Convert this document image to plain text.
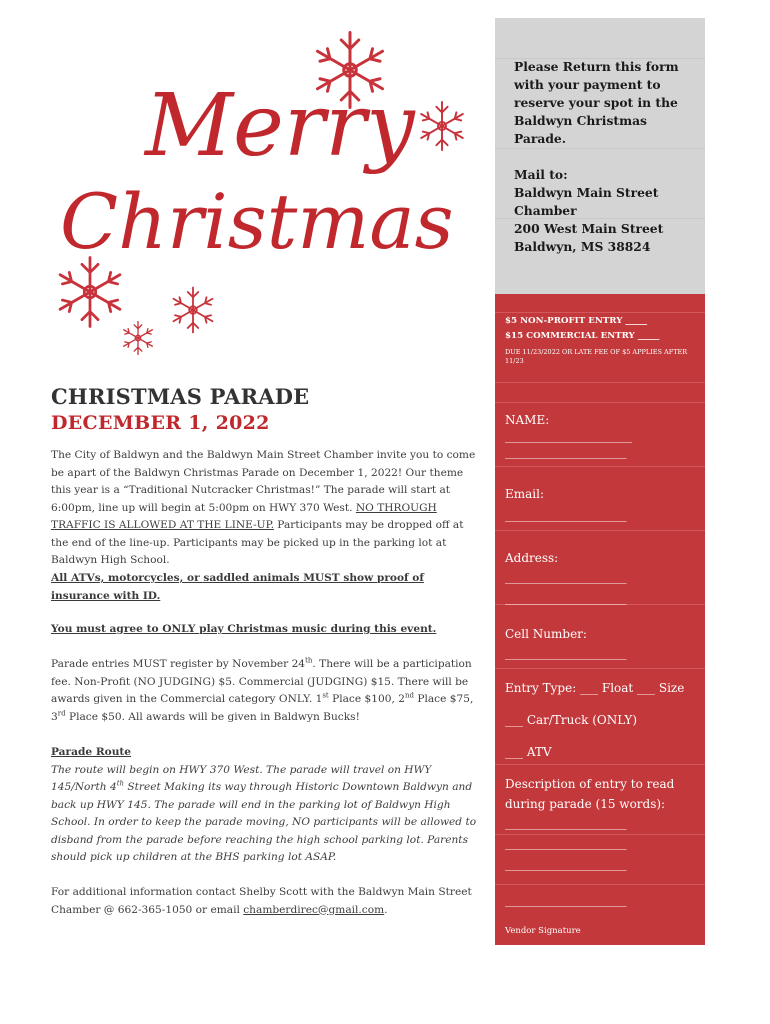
Merry
Christmas

CHRISTMAS PARADE

DECEMBER 1, 2022

The City of Baldwyn and the Baldwyn Main Street Chamber invite you to come be apart of the Baldwyn Christmas Parade on December 1, 2022! Our theme this year is a “Traditional Nutcracker Christmas!” The parade will start at 6:00pm, line up will begin at 5:00pm on HWY 370 West. NO THROUGH TRAFFIC IS ALLOWED AT THE LINE-UP. Participants may be dropped off at the end of the line-up. Participants may be picked up in the parking lot at Baldwyn High School.

All ATVs, motorcycles, or saddled animals MUST show proof of insurance with ID.

You must agree to ONLY play Christmas music during this event.

Parade entries MUST register by November 24th. There will be a participation fee. Non-Profit (NO JUDGING) $5. Commercial (JUDGING) $15. There will be awards given in the Commercial category ONLY. 1st Place $100, 2nd Place $75, 3rd Place $50. All awards will be given in Baldwyn Bucks!

Parade Route

The route will begin on HWY 370 West. The parade will travel on HWY 145/North 4th Street Making its way through Historic Downtown Baldwyn and back up HWY 145. The parade will end in the parking lot of Baldwyn High School. In order to keep the parade moving, NO participants will be allowed to disband from the parade before reaching the high school parking lot. Parents should pick up children at the BHS parking lot ASAP.

For additional information contact Shelby Scott with the Baldwyn Main Street Chamber @ 662-365-1050 or email chamberdirec@gmail.com.

Please Return this form

with your payment to

reserve your spot in the

Baldwyn Christmas

Parade.

Mail to:

Baldwyn Main Street

Chamber

200 West Main Street

Baldwyn, MS 38824

$5 NON-PROFIT ENTRY _____
$15 COMMERCIAL ENTRY _____
DUE 11/23/2022 OR LATE FEE OF $5 APPLIES AFTER 11/23
NAME:
_______________________
______________________
Email:
______________________
Address:
______________________
______________________
Cell Number:
______________________
Entry Type: ___ Float ___ Size
___ Car/Truck (ONLY)
___ ATV
Description of entry to read
during parade (15 words):
______________________
______________________
______________________
______________________
Vendor Signature
